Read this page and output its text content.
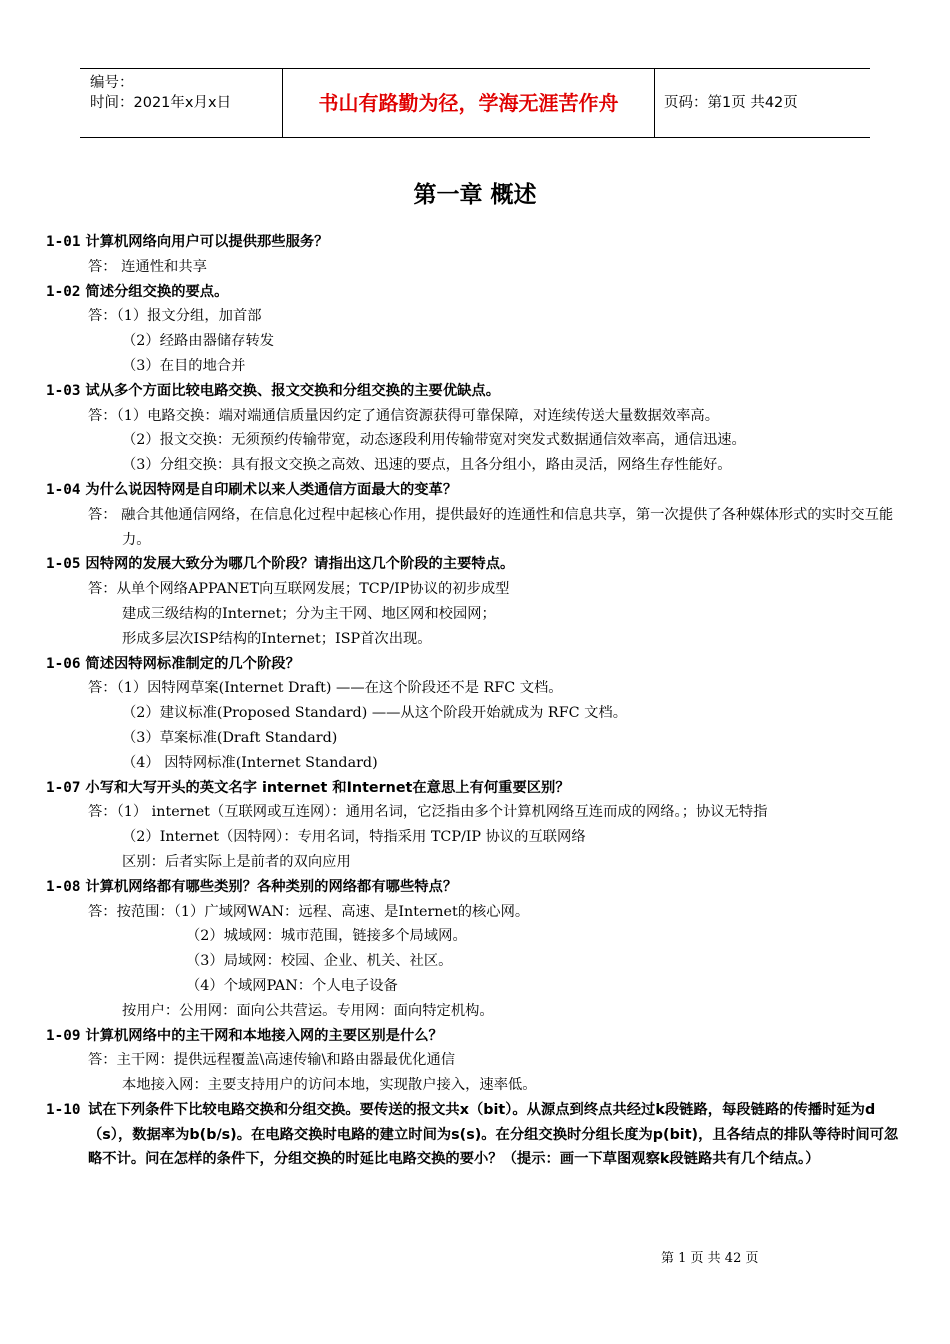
编号：
时间：2021年x月x日	书山有路勤为径，学海无涯苦作舟	页码：第1页 共42页
第一章 概述
1-01 计算机网络向用户可以提供那些服务？
答： 连通性和共享
1-02 简述分组交换的要点。
答：（1）报文分组，加首部
（2）经路由器储存转发
（3）在目的地合并
1-03 试从多个方面比较电路交换、报文交换和分组交换的主要优缺点。
答：（1）电路交换：端对端通信质量因约定了通信资源获得可靠保障，对连续传送大量数据效率高。
（2）报文交换：无须预约传输带宽，动态逐段利用传输带宽对突发式数据通信效率高，通信迅速。
（3）分组交换：具有报文交换之高效、迅速的要点，且各分组小，路由灵活，网络生存性能好。
1-04 为什么说因特网是自印刷术以来人类通信方面最大的变革？
答： 融合其他通信网络，在信息化过程中起核心作用，提供最好的连通性和信息共享，第一次提供了各种媒体形式的实时交互能力。
1-05 因特网的发展大致分为哪几个阶段？请指出这几个阶段的主要特点。
答：从单个网络APPANET向互联网发展；TCP/IP协议的初步成型
建成三级结构的Internet；分为主干网、地区网和校园网；
形成多层次ISP结构的Internet；ISP首次出现。
1-06 简述因特网标准制定的几个阶段？
答：（1）因特网草案(Internet Draft) ——在这个阶段还不是 RFC 文档。
（2）建议标准(Proposed Standard) ——从这个阶段开始就成为 RFC 文档。
（3）草案标准(Draft Standard)
（4） 因特网标准(Internet Standard)
1-07 小写和大写开头的英文名字 internet 和Internet在意思上有何重要区别？
答：（1） internet（互联网或互连网）：通用名词，它泛指由多个计算机网络互连而成的网络。；协议无特指
（2）Internet（因特网）：专用名词，特指采用 TCP/IP 协议的互联网络
区别：后者实际上是前者的双向应用
1-08 计算机网络都有哪些类别？各种类别的网络都有哪些特点？
答：按范围：（1）广域网WAN：远程、高速、是Internet的核心网。
（2）城域网：城市范围，链接多个局域网。
（3）局域网：校园、企业、机关、社区。
（4）个域网PAN：个人电子设备
按用户：公用网：面向公共营运。专用网：面向特定机构。
1-09 计算机网络中的主干网和本地接入网的主要区别是什么？
答：主干网：提供远程覆盖\高速传输\和路由器最优化通信
本地接入网：主要支持用户的访问本地，实现散户接入，速率低。
1-10 试在下列条件下比较电路交换和分组交换。要传送的报文共x（bit）。从源点到终点共经过k段链路，每段链路的传播时延为d（s），数据率为b(b/s)。在电路交换时电路的建立时间为s(s)。在分组交换时分组长度为p(bit)，且各结点的排队等待时间可忽略不计。问在怎样的条件下，分组交换的时延比电路交换的要小？（提示：画一下草图观察k段链路共有几个结点。）
第 1 页 共 42 页
